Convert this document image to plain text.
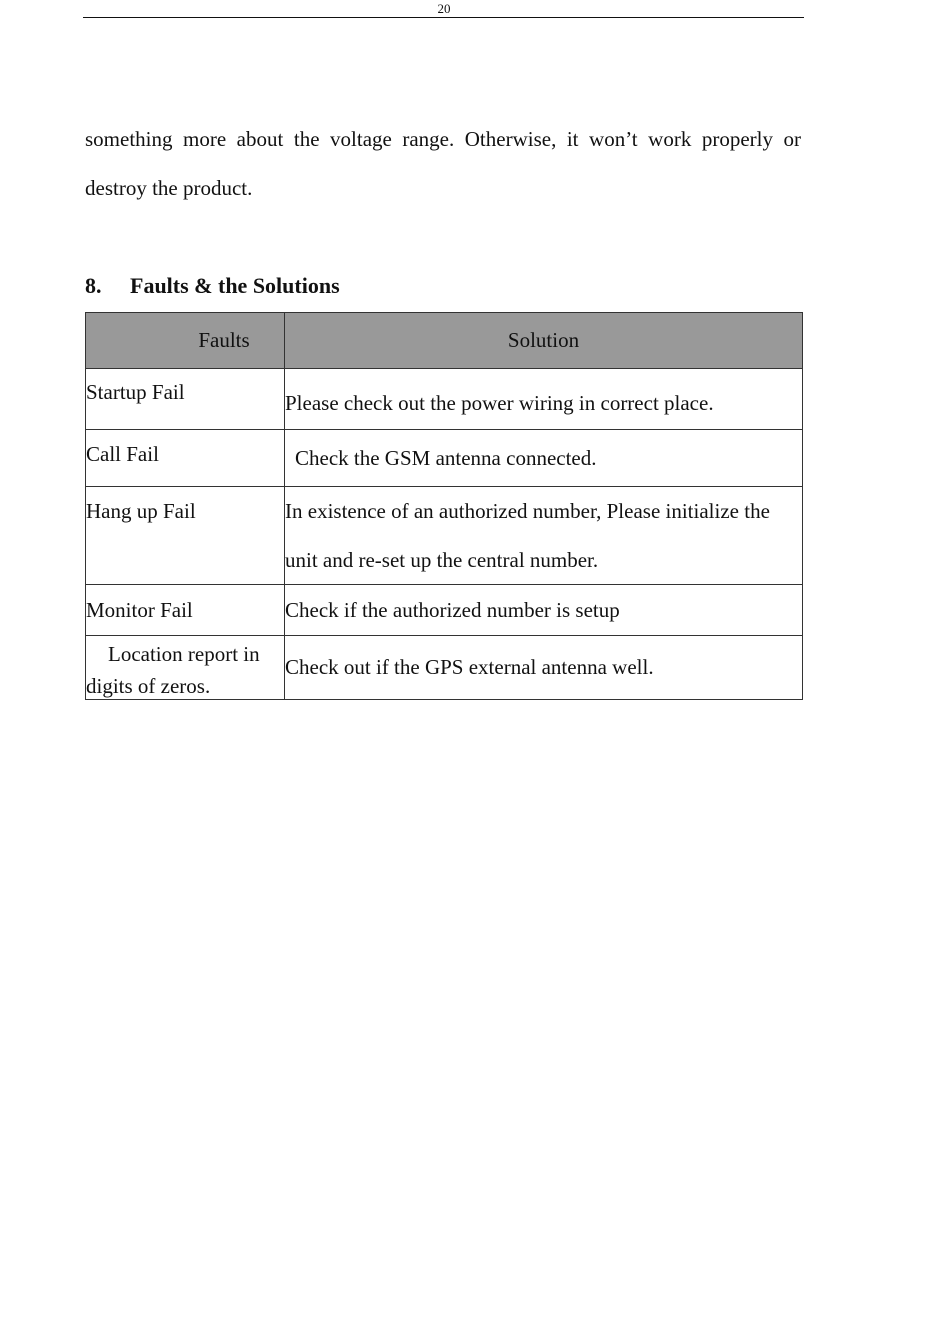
20
something more about the voltage range. Otherwise, it won’t work properly or
destroy the product.
8. Faults & the Solutions
Faults	Solution

Startup Fail	Please check out the power wiring in correct place.

Call Fail	Check the GSM antenna connected.

Hang up Fail	In existence of an authorized number, Please initialize the
unit and re-set up the central number.

Monitor Fail	Check if the authorized number is setup

Location report in
digits of zeros.	Check out if the GPS external antenna well.
